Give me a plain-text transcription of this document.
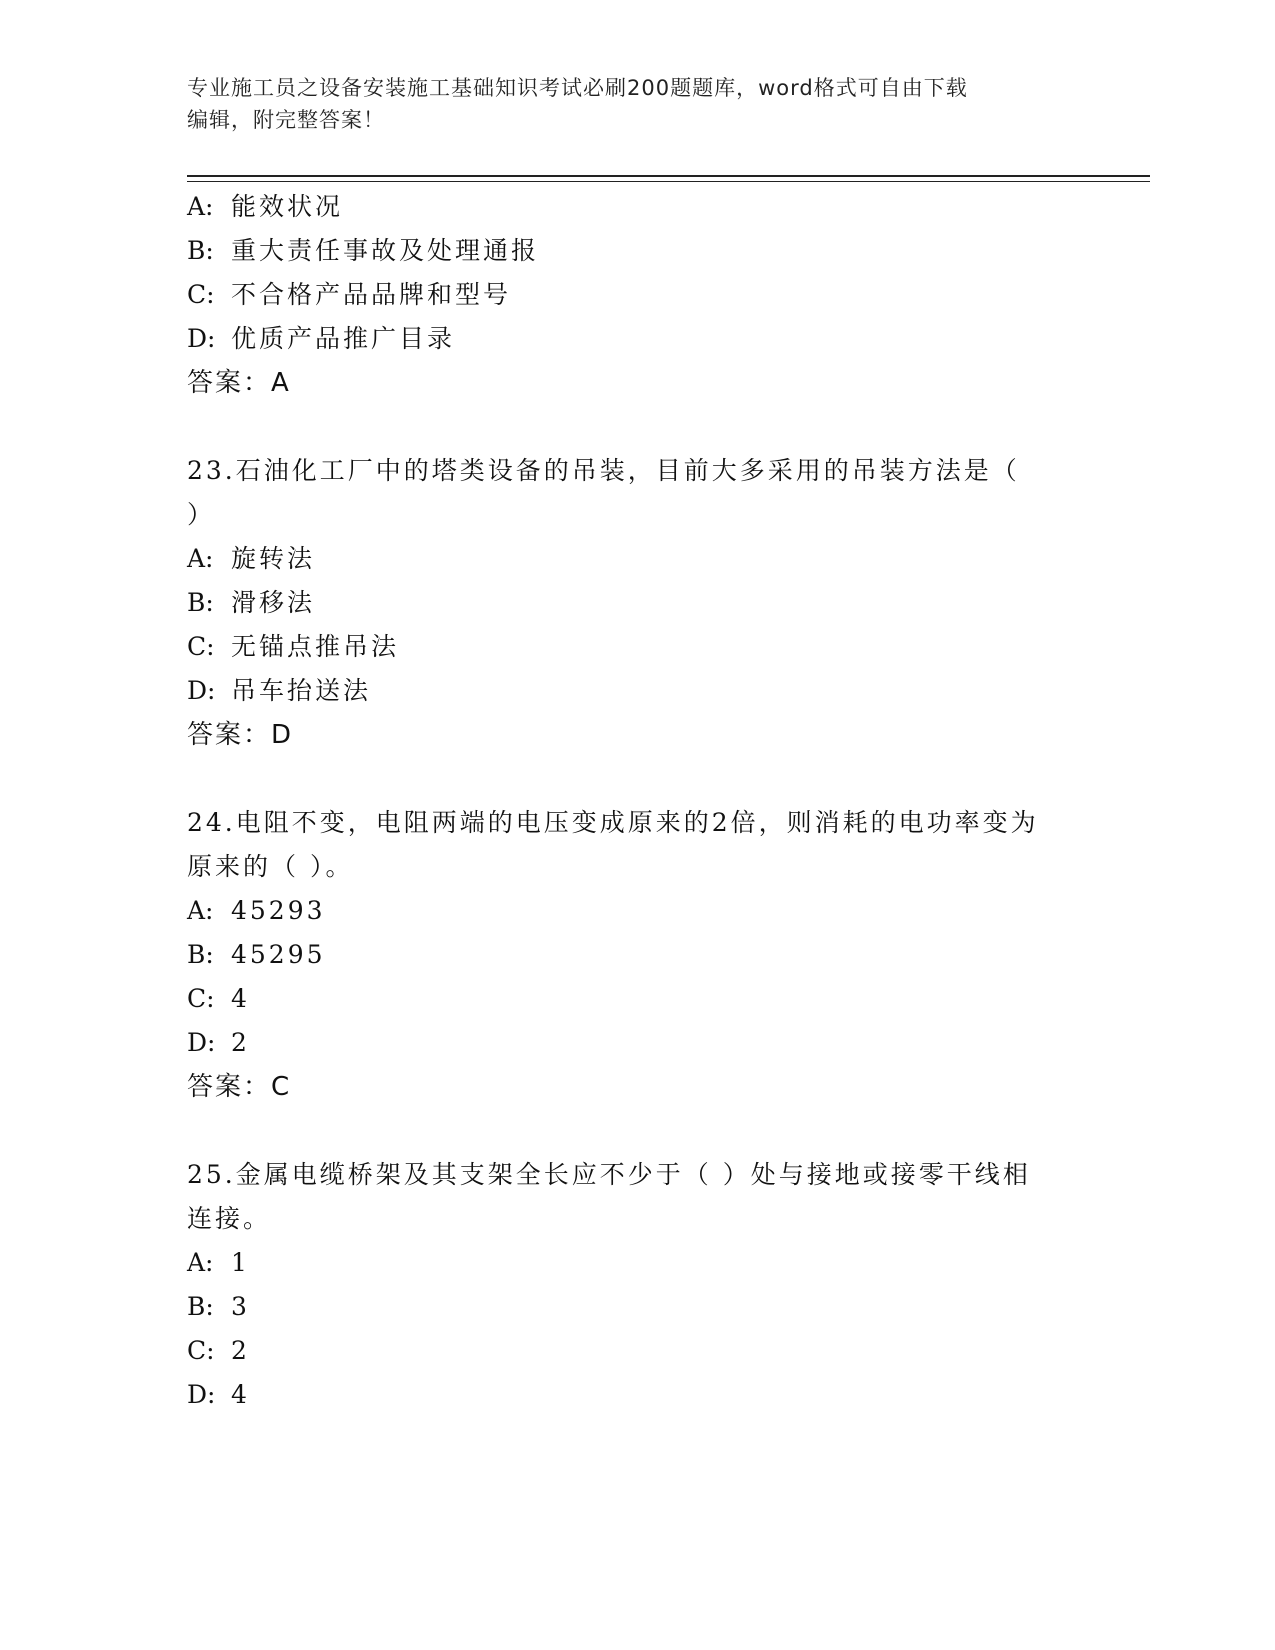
专业施工员之设备安装施工基础知识考试必刷200题题库，word格式可自由下载
编辑，附完整答案！
A: 能效状况
B: 重大责任事故及处理通报
C: 不合格产品品牌和型号
D: 优质产品推广目录
答案：A
23.石油化工厂中的塔类设备的吊装，目前大多采用的吊装方法是（
）
A: 旋转法
B: 滑移法
C: 无锚点推吊法
D: 吊车抬送法
答案：D
24.电阻不变，电阻两端的电压变成原来的2倍，则消耗的电功率变为
原来的（ ）。
A: 45293
B: 45295
C: 4
D: 2
答案：C
25.金属电缆桥架及其支架全长应不少于（ ）处与接地或接零干线相
连接。
A: 1
B: 3
C: 2
D: 4
